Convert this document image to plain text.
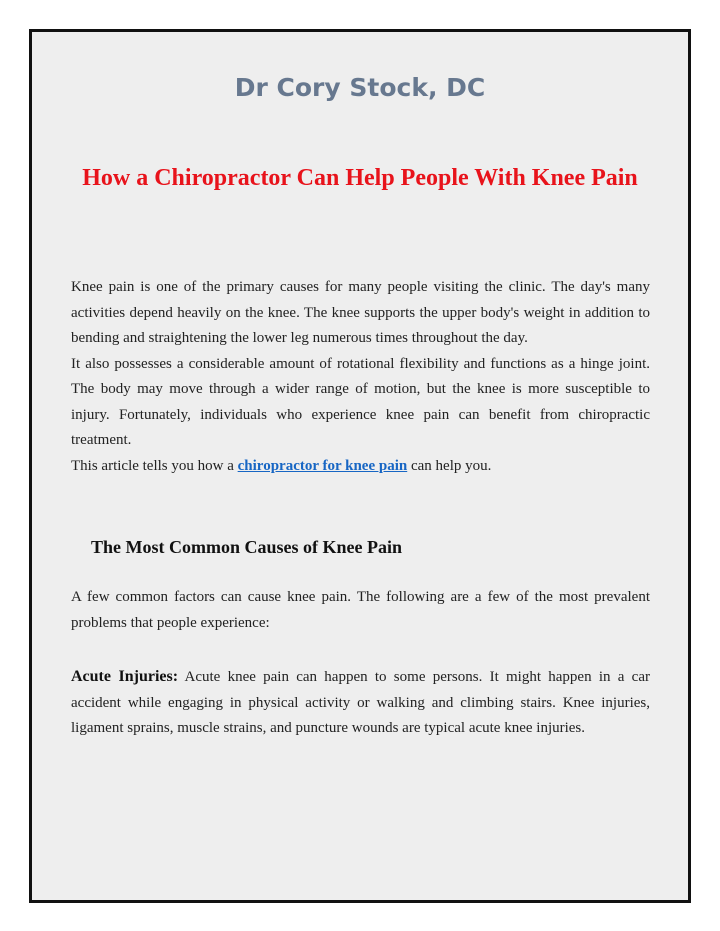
Dr Cory Stock, DC
How a Chiropractor Can Help People With Knee Pain

Knee pain is one of the primary causes for many people visiting the clinic. The day's many activities depend heavily on the knee. The knee supports the upper body's weight in addition to bending and straightening the lower leg numerous times throughout the day.

It also possesses a considerable amount of rotational flexibility and functions as a hinge joint. The body may move through a wider range of motion, but the knee is more susceptible to injury. Fortunately, individuals who experience knee pain can benefit from chiropractic treatment.

This article tells you how a chiropractor for knee pain can help you.

The Most Common Causes of Knee Pain

A few common factors can cause knee pain. The following are a few of the most prevalent problems that people experience:

Acute Injuries: Acute knee pain can happen to some persons. It might happen in a car accident while engaging in physical activity or walking and climbing stairs. Knee injuries, ligament sprains, muscle strains, and puncture wounds are typical acute knee injuries.
